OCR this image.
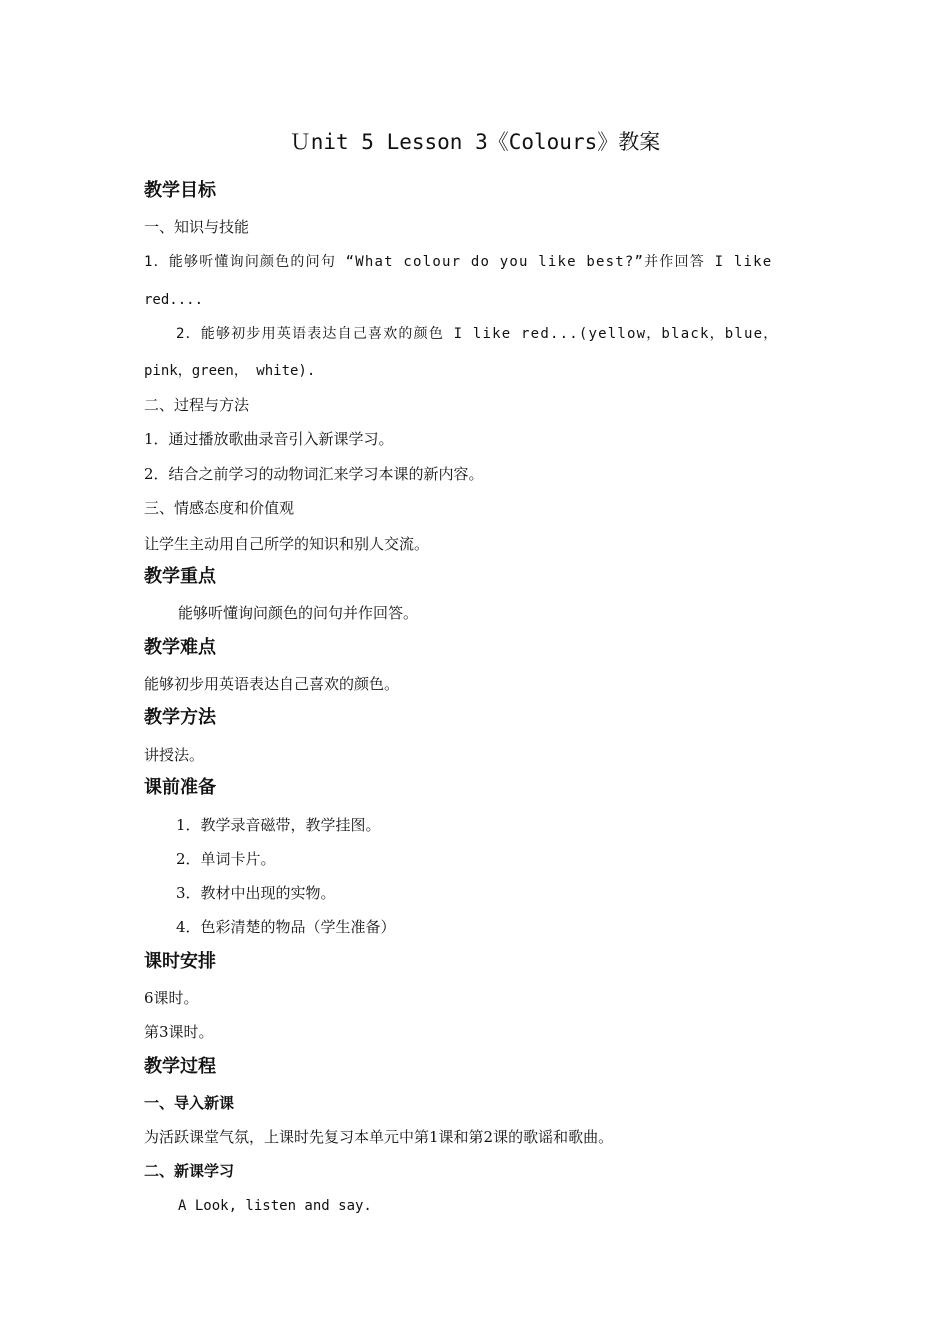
Ｕnit 5 Lesson 3《Colours》教案
教学目标
一、知识与技能
1．能够听懂询问颜色的问句 “What colour do you like best?”并作回答 I like
red....
2．能够初步用英语表达自己喜欢的颜色 I like red...(yellow，black，blue，
pink，green， white).
二、过程与方法
1．通过播放歌曲录音引入新课学习。
2．结合之前学习的动物词汇来学习本课的新内容。
三、情感态度和价值观
让学生主动用自己所学的知识和别人交流。
教学重点
能够听懂询问颜色的问句并作回答。
教学难点
能够初步用英语表达自己喜欢的颜色。
教学方法
讲授法。
课前准备
1．教学录音磁带，教学挂图。
2．单词卡片。
3．教材中出现的实物。
4．色彩清楚的物品（学生准备）
课时安排
6课时。
第3课时。
教学过程
一、导入新课
为活跃课堂气氛，上课时先复习本单元中第1课和第2课的歌谣和歌曲。
二、新课学习
A Look, listen and say.
